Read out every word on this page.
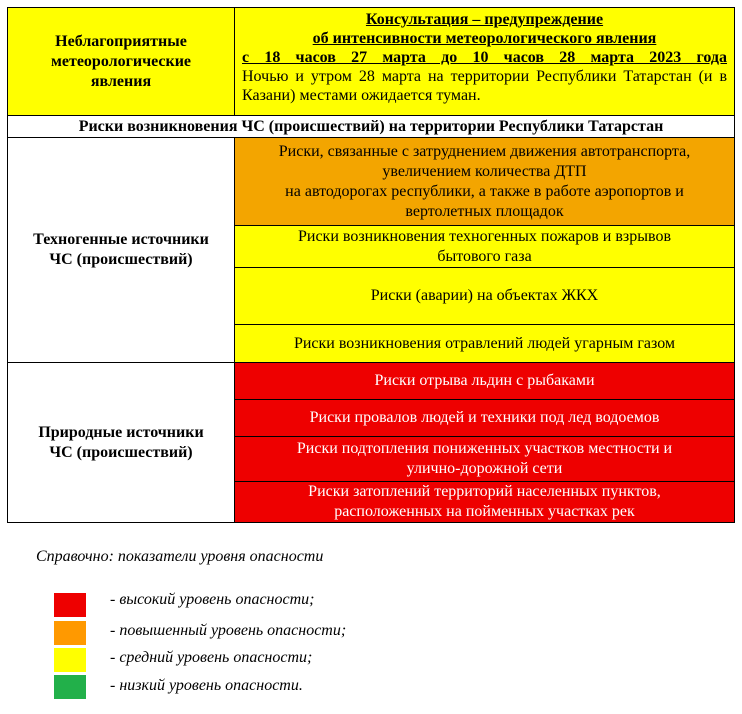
Неблагоприятные
метеорологические
явления
Консультация – предупреждение
об интенсивности метеорологического явления
с 18 часов 27 марта до 10 часов 28 марта 2023 года
Ночью и утром 28 марта на территории Республики Татарстан (и в Казани) местами ожидается туман.
Риски возникновения ЧС (происшествий) на территории Республики Татарстан
Техногенные источники
ЧС (происшествий)
Риски, связанные с затруднением движения автотранспорта,
увеличением количества ДТП
на автодорогах республики, а также в работе аэропортов и
вертолетных площадок
Риски возникновения техногенных пожаров и взрывов
бытового газа
Риски (аварии) на объектах ЖКХ
Риски возникновения отравлений людей угарным газом
Природные источники
ЧС (происшествий)
Риски отрыва льдин с рыбаками
Риски провалов людей и техники под лед водоемов
Риски подтопления пониженных участков местности и
улично-дорожной сети
Риски затоплений территорий населенных пунктов,
расположенных на пойменных участках рек
Справочно: показатели уровня опасности
- высокий уровень опасности;
- повышенный уровень опасности;
- средний уровень опасности;
- низкий уровень опасности.
